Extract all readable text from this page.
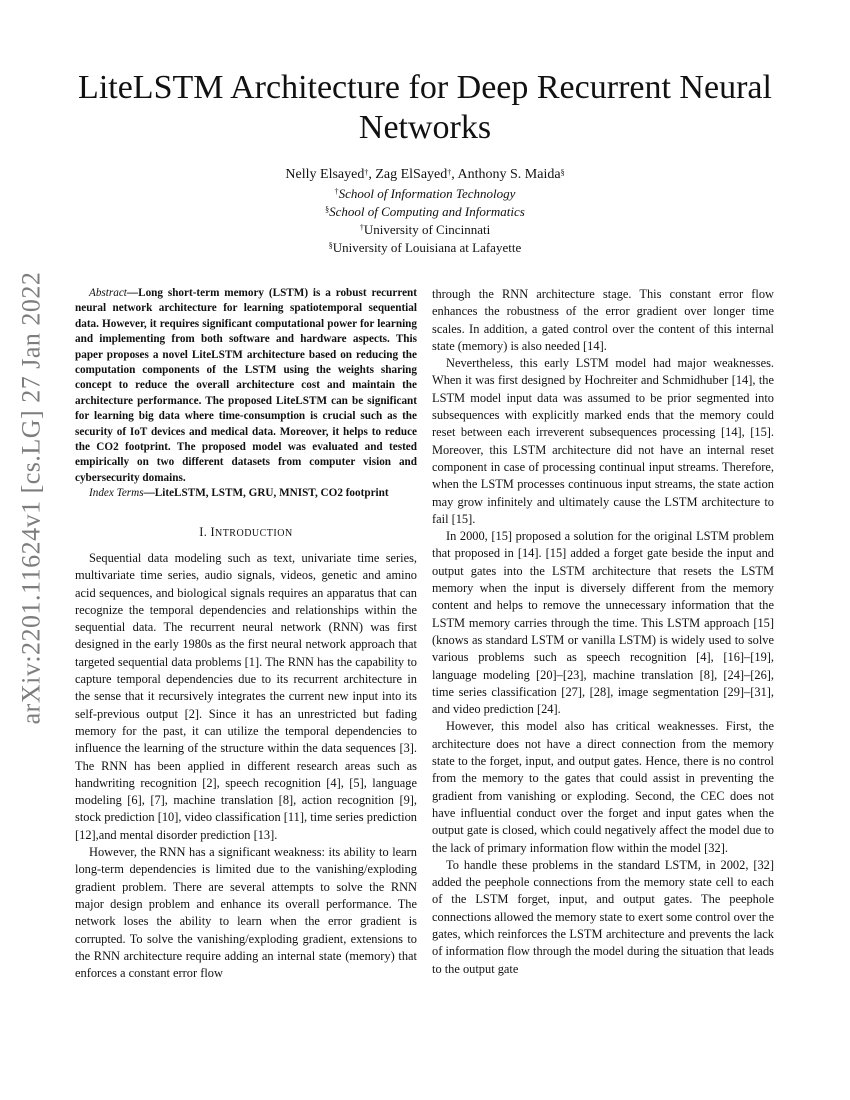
arXiv:2201.11624v1 [cs.LG] 27 Jan 2022
LiteLSTM Architecture for Deep Recurrent Neural
Networks
Nelly Elsayed†, Zag ElSayed†, Anthony S. Maida§
†School of Information Technology
§School of Computing and Informatics
†University of Cincinnati
§University of Louisiana at Lafayette

Abstract—Long short-term memory (LSTM) is a robust recurrent neural network architecture for learning spatiotemporal sequential data. However, it requires significant computational power for learning and implementing from both software and hardware aspects. This paper proposes a novel LiteLSTM architecture based on reducing the computation components of the LSTM using the weights sharing concept to reduce the overall architecture cost and maintain the architecture performance. The proposed LiteLSTM can be significant for learning big data where time-consumption is crucial such as the security of IoT devices and medical data. Moreover, it helps to reduce the CO2 footprint. The proposed model was evaluated and tested empirically on two different datasets from computer vision and cybersecurity domains.

Index Terms—LiteLSTM, LSTM, GRU, MNIST, CO2 footprint

I. INTRODUCTION

Sequential data modeling such as text, univariate time series, multivariate time series, audio signals, videos, genetic and amino acid sequences, and biological signals requires an apparatus that can recognize the temporal dependencies and relationships within the sequential data. The recurrent neural network (RNN) was first designed in the early 1980s as the first neural network approach that targeted sequential data problems [1]. The RNN has the capability to capture temporal dependencies due to its recurrent architecture in the sense that it recursively integrates the current new input into its self-previous output [2]. Since it has an unrestricted but fading memory for the past, it can utilize the temporal dependencies to influence the learning of the structure within the data sequences [3]. The RNN has been applied in different research areas such as handwriting recognition [2], speech recognition [4], [5], language modeling [6], [7], machine translation [8], action recognition [9], stock prediction [10], video classification [11], time series prediction [12],and mental disorder prediction [13].

However, the RNN has a significant weakness: its ability to learn long-term dependencies is limited due to the vanishing/exploding gradient problem. There are several attempts to solve the RNN major design problem and enhance its overall performance. The network loses the ability to learn when the error gradient is corrupted. To solve the vanishing/exploding gradient, extensions to the RNN architecture require adding an internal state (memory) that enforces a constant error flow

through the RNN architecture stage. This constant error flow enhances the robustness of the error gradient over longer time scales. In addition, a gated control over the content of this internal state (memory) is also needed [14].

Nevertheless, this early LSTM model had major weaknesses. When it was first designed by Hochreiter and Schmidhuber [14], the LSTM model input data was assumed to be prior segmented into subsequences with explicitly marked ends that the memory could reset between each irreverent subsequences processing [14], [15]. Moreover, this LSTM architecture did not have an internal reset component in case of processing continual input streams. Therefore, when the LSTM processes continuous input streams, the state action may grow infinitely and ultimately cause the LSTM architecture to fail [15].

In 2000, [15] proposed a solution for the original LSTM problem that proposed in [14]. [15] added a forget gate beside the input and output gates into the LSTM architecture that resets the LSTM memory when the input is diversely different from the memory content and helps to remove the unnecessary information that the LSTM memory carries through the time. This LSTM approach [15] (knows as standard LSTM or vanilla LSTM) is widely used to solve various problems such as speech recognition [4], [16]–[19], language modeling [20]–[23], machine translation [8], [24]–[26], time series classification [27], [28], image segmentation [29]–[31], and video prediction [24].

However, this model also has critical weaknesses. First, the architecture does not have a direct connection from the memory state to the forget, input, and output gates. Hence, there is no control from the memory to the gates that could assist in preventing the gradient from vanishing or exploding. Second, the CEC does not have influential conduct over the forget and input gates when the output gate is closed, which could negatively affect the model due to the lack of primary information flow within the model [32].

To handle these problems in the standard LSTM, in 2002, [32] added the peephole connections from the memory state cell to each of the LSTM forget, input, and output gates. The peephole connections allowed the memory state to exert some control over the gates, which reinforces the LSTM architecture and prevents the lack of information flow through the model during the situation that leads to the output gate
